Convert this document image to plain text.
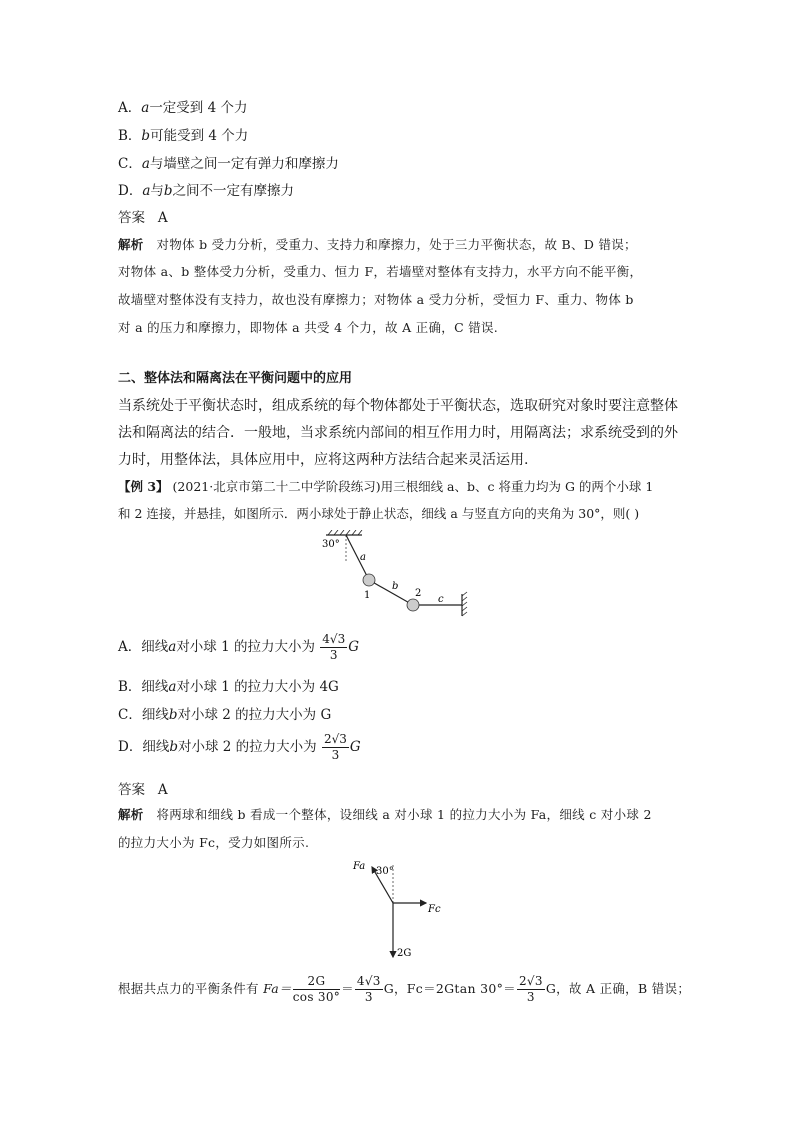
A．a一定受到 4 个力
B．b可能受到 4 个力
C．a与墙壁之间一定有弹力和摩擦力
D．a与b之间不一定有摩擦力
答案 A
解析 对物体 b 受力分析，受重力、支持力和摩擦力，处于三力平衡状态，故 B、D 错误；
对物体 a、b 整体受力分析，受重力、恒力 F，若墙壁对整体有支持力，水平方向不能平衡，
故墙壁对整体没有支持力，故也没有摩擦力；对物体 a 受力分析，受恒力 F、重力、物体 b
对 a 的压力和摩擦力，即物体 a 共受 4 个力，故 A 正确，C 错误.
二、整体法和隔离法在平衡问题中的应用
当系统处于平衡状态时，组成系统的每个物体都处于平衡状态，选取研究对象时要注意整体
法和隔离法的结合．一般地，当求系统内部间的相互作用力时，用隔离法；求系统受到的外
力时，用整体法，具体应用中，应将这两种方法结合起来灵活运用.
【例 3】 (2021·北京市第二十二中学阶段练习)用三根细线 a、b、c 将重力均为 G 的两个小球 1
和 2 连接，并悬挂，如图所示．两小球处于静止状态，细线 a 与竖直方向的夹角为 30°，则( )
30°
a
b
c
1	2
A．细线a对小球 1 的拉力大小为 $\frac{4√3}{3}$ G
B．细线a对小球 1 的拉力大小为 4G
C．细线b对小球 2 的拉力大小为 G
D．细线b对小球 2 的拉力大小为 $\frac{2√3}{3}$ G
答案 A
解析 将两球和细线 b 看成一个整体，设细线 a 对小球 1 的拉力大小为 Fa，细线 c 对小球 2
的拉力大小为 Fc，受力如图所示.
Fa 30°
Fc
2G
根据共点力的平衡条件有 $Fa= \frac{2G}{\cos 30^\circ} = \frac{4√3}{3}$ G，Fc＝2Gtan $30^\circ= \frac{2√3}{3}$ G，故 A 正确，B 错误；
